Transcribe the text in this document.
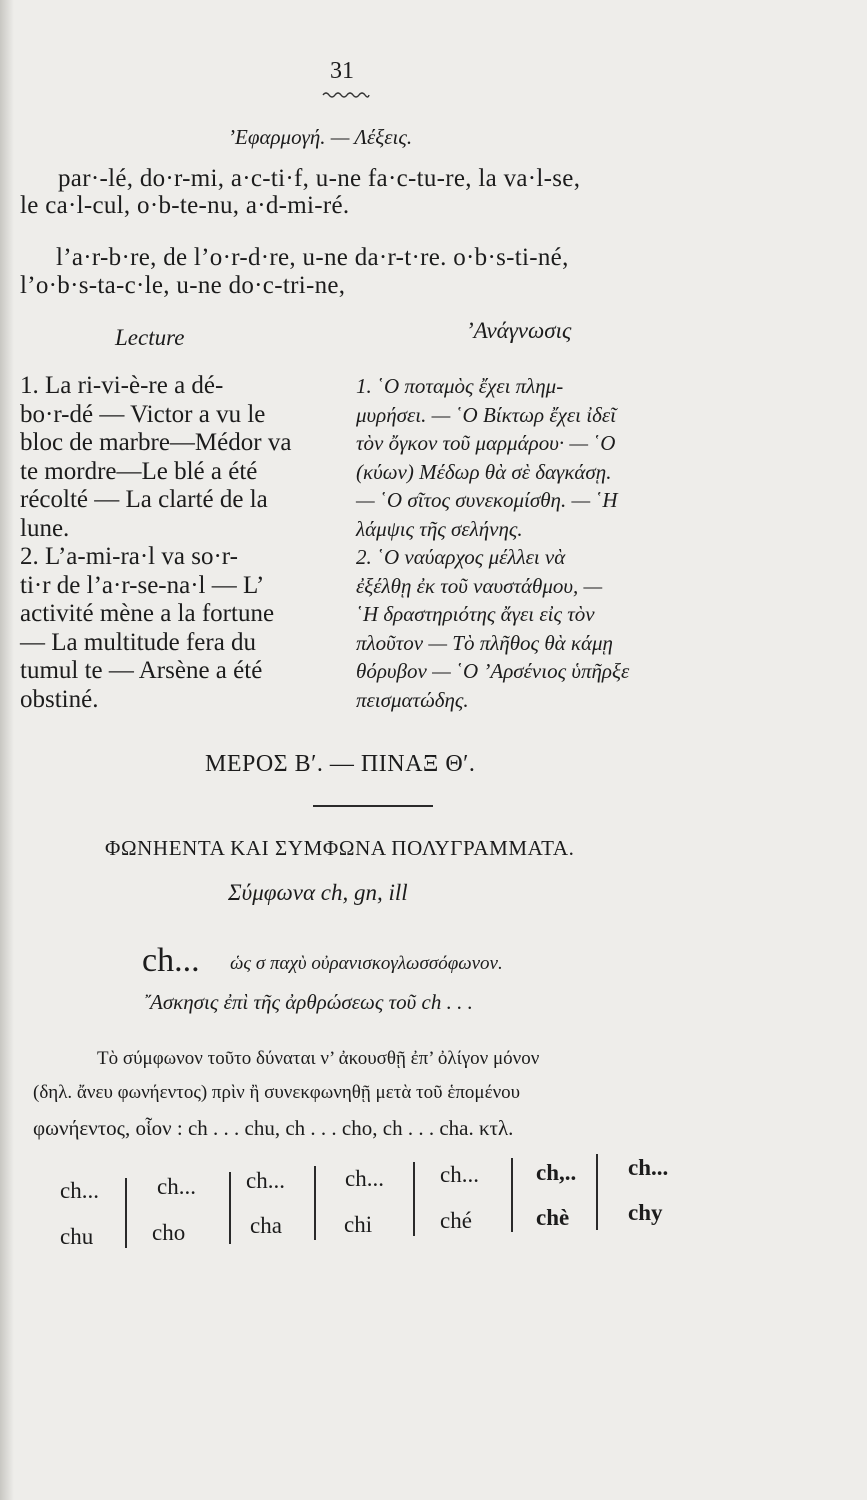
31
’Εφαρμογή. — Λέξεις.
par·-lé, do·r-mi, a·c-ti·f, u-ne fa·c-tu-re, la va·l-se,
le ca·l-cul, o·b-te-nu, a·d-mi-ré.
l’a·r-b·re, de l’o·r-d·re, u-ne da·r-t·re. o·b·s-ti-né,
l’o·b·s-ta-c·le, u-ne do·c-tri-ne,
Lecture	’Ανάγνωσις
1. La ri-vi-è-re a dé-
bo·r-dé — Victor a vu le
bloc de marbre—Médor va
te mordre—Le blé a été
récolté — La clarté de la
lune.
2. L’a-mi-ra·l va so·r-
ti·r de l’a·r-se-na·l — L’
activité mène a la fortune
— La multitude fera du
tumul te — Arsène a été
obstiné.
1. ῾Ο ποταμὸς ἔχει πλημ-
μυρήσει. — ῾Ο Βίκτωρ ἔχει ἰδεῖ
τὸν ὄγκον τοῦ μαρμάρου· — ῾Ο
(κύων) Μέδωρ θὰ σὲ δαγκάσῃ.
— ῾Ο σῖτος συνεκομίσθη. — ῾Η
λάμψις τῆς σελήνης.
2. ῾Ο ναύαρχος μέλλει νὰ
ἐξέλθῃ ἐκ τοῦ ναυστάθμου, —
῾Η δραστηριότης ἄγει εἰς τὸν
πλοῦτον — Τὸ πλῆθος θὰ κάμῃ
θόρυβον — ῾Ο ’Αρσένιος ὑπῆρξε
πεισματώδης.
ΜΕΡΟΣ Β′. — ΠΙΝΑΞ Θ′.
ΦΩΝΗΕΝΤΑ ΚΑΙ ΣΥΜΦΩΝΑ ΠΟΛΥΓΡΑΜΜΑΤΑ.
Σύμφωνα ch, gn, ill
ch... ὡς σ παχὺ οὐρανισκογλωσσόφωνον.
῎Ασκησις ἐπὶ τῆς ἀρθρώσεως τοῦ ch . . .
Τὸ σύμφωνον τοῦτο δύναται ν’ ἀκουσθῇ ἐπ’ ὀλίγον μόνον
(δηλ. ἄνευ φωνήεντος) πρὶν ἢ συνεκφωνηθῇ μετὰ τοῦ ἑπομένου
φωνήεντος, οἷον : ch . . . chu, ch . . . cho, ch . . . cha. κτλ.
ch...	ch... ch...	ch... ch... ch,.. ch...
chu	cho	cha	chi	ché	chè	chy
